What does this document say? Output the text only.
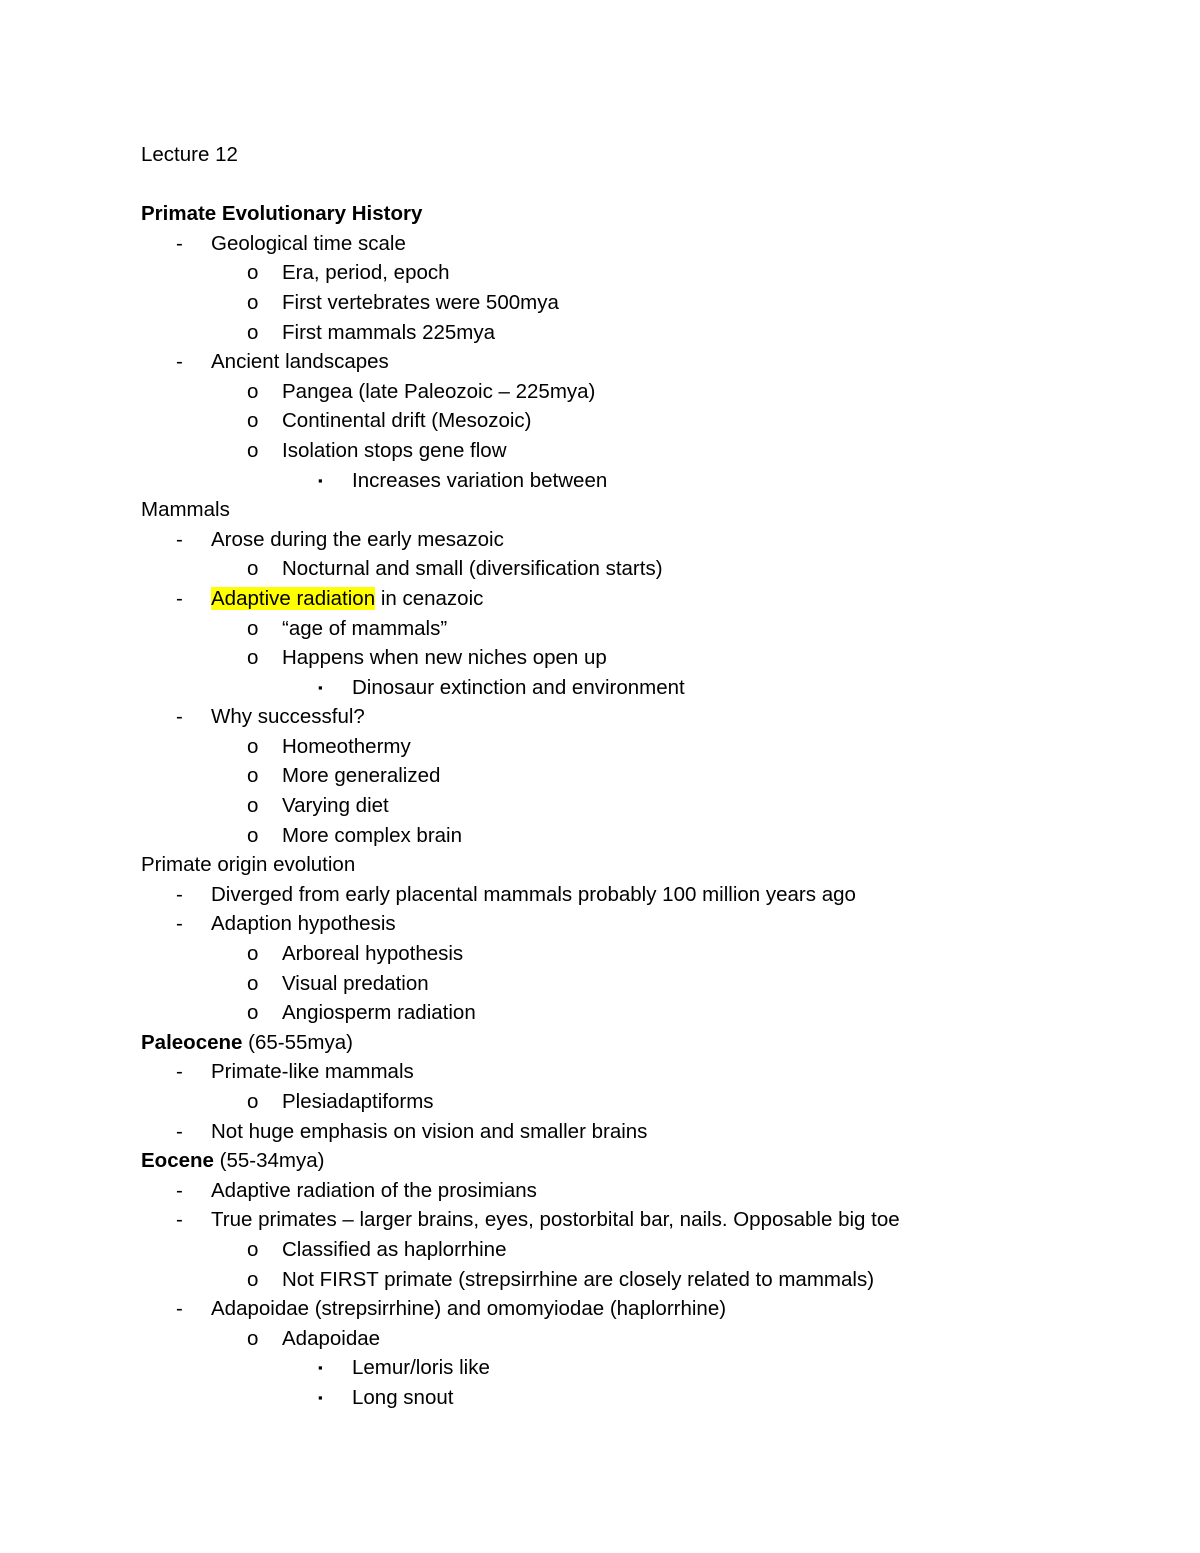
Lecture 12
Primate Evolutionary History
- Geological time scale
o Era, period, epoch
o First vertebrates were 500mya
o First mammals 225mya
- Ancient landscapes
o Pangea (late Paleozoic – 225mya)
o Continental drift (Mesozoic)
o Isolation stops gene flow
▪ Increases variation between
Mammals
- Arose during the early mesazoic
o Nocturnal and small (diversification starts)
- Adaptive radiation in cenazoic
o “age of mammals”
o Happens when new niches open up
▪ Dinosaur extinction and environment
- Why successful?
o Homeothermy
o More generalized
o Varying diet
o More complex brain
Primate origin evolution
- Diverged from early placental mammals probably 100 million years ago
- Adaption hypothesis
o Arboreal hypothesis
o Visual predation
o Angiosperm radiation
Paleocene (65-55mya)
- Primate-like mammals
o Plesiadaptiforms
- Not huge emphasis on vision and smaller brains
Eocene (55-34mya)
- Adaptive radiation of the prosimians
- True primates – larger brains, eyes, postorbital bar, nails. Opposable big toe
o Classified as haplorrhine
o Not FIRST primate (strepsirrhine are closely related to mammals)
- Adapoidae (strepsirrhine) and omomyiodae (haplorrhine)
o Adapoidae
▪ Lemur/loris like
▪ Long snout
